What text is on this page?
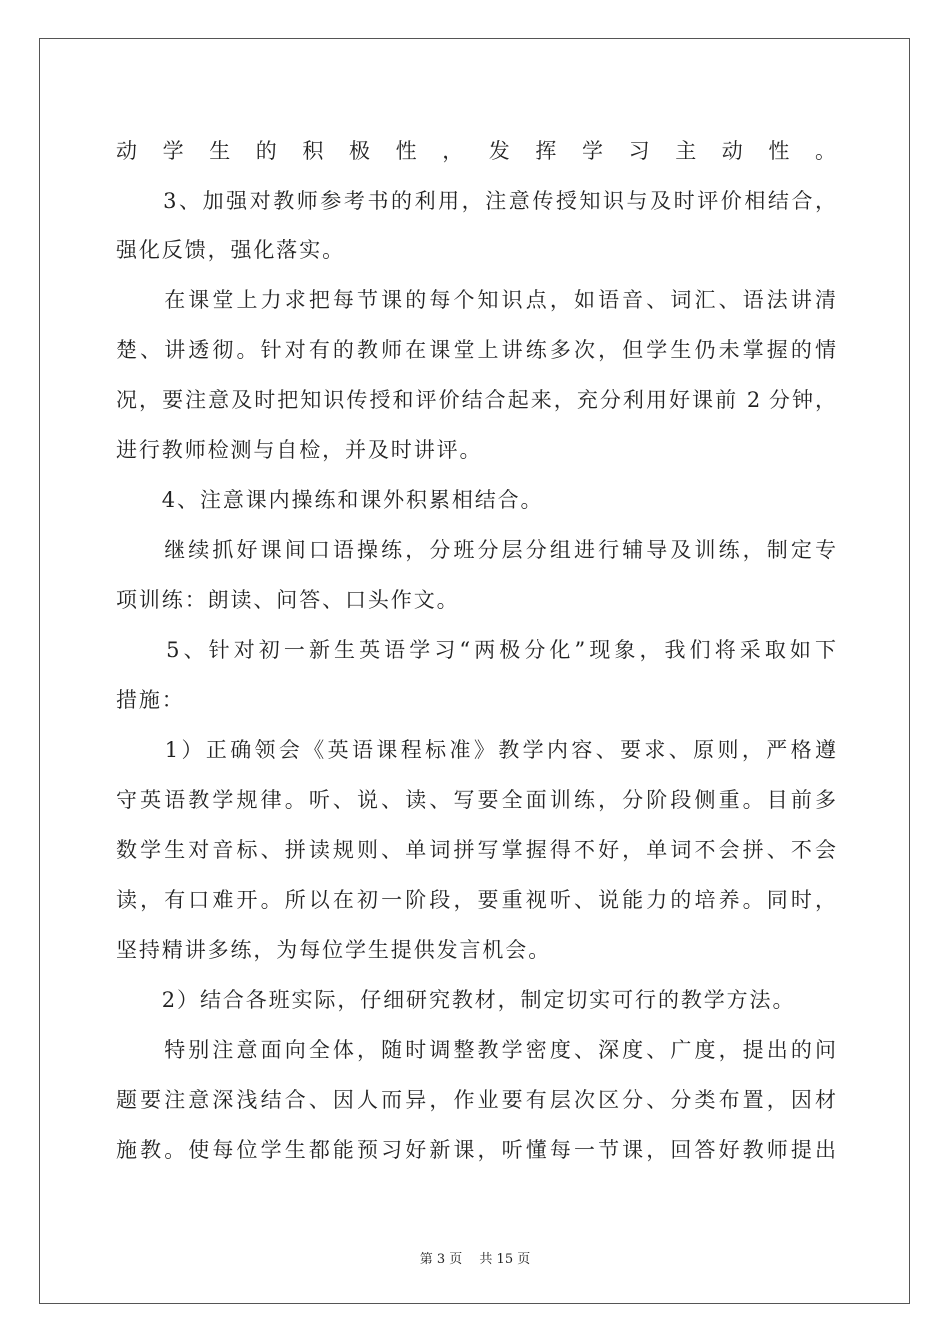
动学生的积极性，发挥学习主动性。

　　3、加强对教师参考书的利用，注意传授知识与及时评价相结合，

强化反馈，强化落实。

　　在课堂上力求把每节课的每个知识点，如语音、词汇、语法讲清

楚、讲透彻。针对有的教师在课堂上讲练多次，但学生仍未掌握的情

况，要注意及时把知识传授和评价结合起来，充分利用好课前 2 分钟，

进行教师检测与自检，并及时讲评。

　　4、注意课内操练和课外积累相结合。

　　继续抓好课间口语操练，分班分层分组进行辅导及训练，制定专

项训练：朗读、问答、口头作文。

　　5、针对初一新生英语学习“两极分化”现象，我们将采取如下

措施：

　　1）正确领会《英语课程标准》教学内容、要求、原则，严格遵

守英语教学规律。听、说、读、写要全面训练，分阶段侧重。目前多

数学生对音标、拼读规则、单词拼写掌握得不好，单词不会拼、不会

读，有口难开。所以在初一阶段，要重视听、说能力的培养。同时，

坚持精讲多练，为每位学生提供发言机会。

　　2）结合各班实际，仔细研究教材，制定切实可行的教学方法。

　　特别注意面向全体，随时调整教学密度、深度、广度，提出的问

题要注意深浅结合、因人而异，作业要有层次区分、分类布置，因材

施教。使每位学生都能预习好新课，听懂每一节课，回答好教师提出

第 3 页　 共 15 页
